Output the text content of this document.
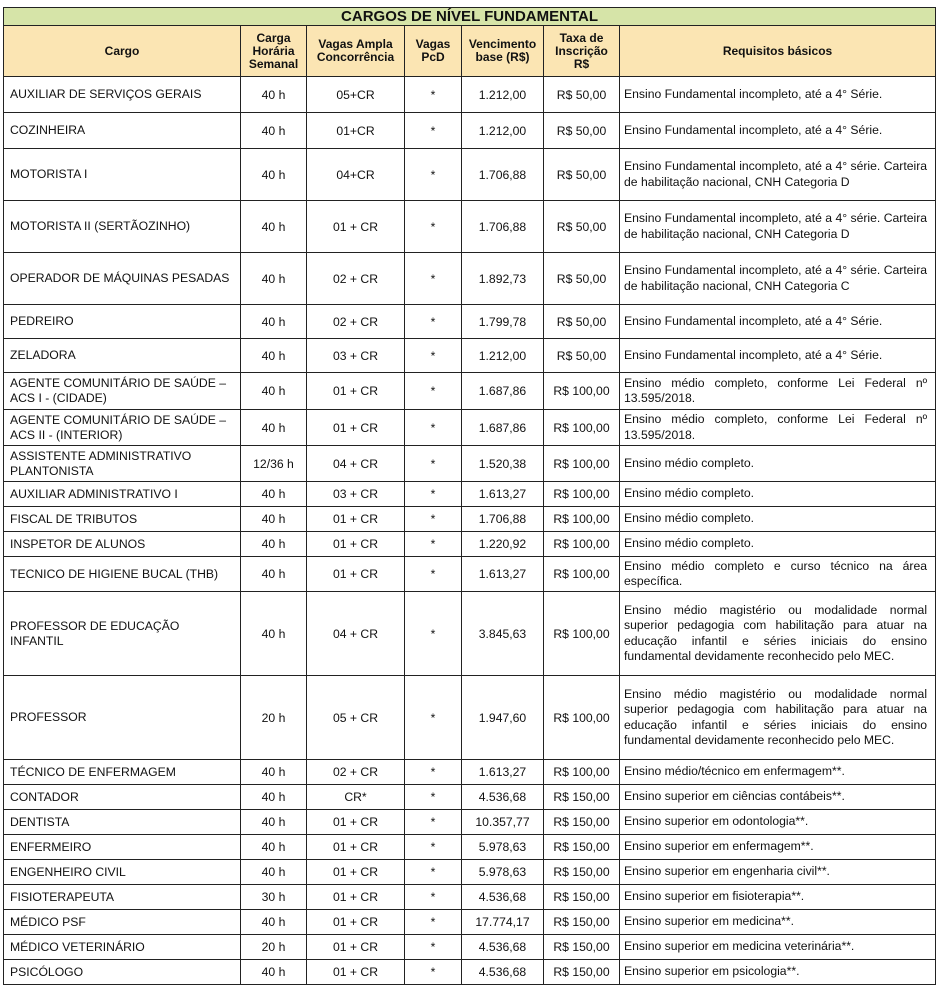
CARGOS DE NÍVEL FUNDAMENTAL						
Cargo	Carga Horária Semanal	Vagas Ampla Concorrência	Vagas PcD	Vencimento base (R$)	Taxa de Inscrição R$	Requisitos básicos
AUXILIAR DE SERVIÇOS GERAIS	40 h	05+CR	*	1.212,00	R$ 50,00	Ensino Fundamental incompleto, até a 4° Série.
COZINHEIRA	40 h	01+CR	*	1.212,00	R$ 50,00	Ensino Fundamental incompleto, até a 4° Série.
MOTORISTA I	40 h	04+CR	*	1.706,88	R$ 50,00	Ensino Fundamental incompleto, até a 4° série. Carteira de habilitação nacional, CNH Categoria D
MOTORISTA II (SERTÃOZINHO)	40 h	01 + CR	*	1.706,88	R$ 50,00	Ensino Fundamental incompleto, até a 4° série. Carteira de habilitação nacional, CNH Categoria D
OPERADOR DE MÁQUINAS PESADAS	40 h	02 + CR	*	1.892,73	R$ 50,00	Ensino Fundamental incompleto, até a 4° série. Carteira de habilitação nacional, CNH Categoria C
PEDREIRO	40 h	02 + CR	*	1.799,78	R$ 50,00	Ensino Fundamental incompleto, até a 4° Série.
ZELADORA	40 h	03 + CR	*	1.212,00	R$ 50,00	Ensino Fundamental incompleto, até a 4° Série.
AGENTE COMUNITÁRIO DE SAÚDE – ACS I - (CIDADE)	40 h	01 + CR	*	1.687,86	R$ 100,00	Ensino médio completo, conforme Lei Federal nº 13.595/2018.
AGENTE COMUNITÁRIO DE SAÚDE – ACS II - (INTERIOR)	40 h	01 + CR	*	1.687,86	R$ 100,00	Ensino médio completo, conforme Lei Federal nº 13.595/2018.
ASSISTENTE ADMINISTRATIVO PLANTONISTA	12/36 h	04 + CR	*	1.520,38	R$ 100,00	Ensino médio completo.
AUXILIAR ADMINISTRATIVO I	40 h	03 + CR	*	1.613,27	R$ 100,00	Ensino médio completo.
FISCAL DE TRIBUTOS	40 h	01 + CR	*	1.706,88	R$ 100,00	Ensino médio completo.
INSPETOR DE ALUNOS	40 h	01 + CR	*	1.220,92	R$ 100,00	Ensino médio completo.
TECNICO DE HIGIENE BUCAL (THB)	40 h	01 + CR	*	1.613,27	R$ 100,00	Ensino médio completo e curso técnico na área específica.
PROFESSOR DE EDUCAÇÃO INFANTIL	40 h	04 + CR	*	3.845,63	R$ 100,00	Ensino médio magistério ou modalidade normal superior pedagogia com habilitação para atuar na educação infantil e séries iniciais do ensino fundamental devidamente reconhecido pelo MEC.
PROFESSOR	20 h	05 + CR	*	1.947,60	R$ 100,00	Ensino médio magistério ou modalidade normal superior pedagogia com habilitação para atuar na educação infantil e séries iniciais do ensino fundamental devidamente reconhecido pelo MEC.
TÉCNICO DE ENFERMAGEM	40 h	02 + CR	*	1.613,27	R$ 100,00	Ensino médio/técnico em enfermagem**.
CONTADOR	40 h	CR*	*	4.536,68	R$ 150,00	Ensino superior em ciências contábeis**.
DENTISTA	40 h	01 + CR	*	10.357,77	R$ 150,00	Ensino superior em odontologia**.
ENFERMEIRO	40 h	01 + CR	*	5.978,63	R$ 150,00	Ensino superior em enfermagem**.
ENGENHEIRO CIVIL	40 h	01 + CR	*	5.978,63	R$ 150,00	Ensino superior em engenharia civil**.
FISIOTERAPEUTA	30 h	01 + CR	*	4.536,68	R$ 150,00	Ensino superior em fisioterapia**.
MÉDICO PSF	40 h	01 + CR	*	17.774,17	R$ 150,00	Ensino superior em medicina**.
MÉDICO VETERINÁRIO	20 h	01 + CR	*	4.536,68	R$ 150,00	Ensino superior em medicina veterinária**.
PSICÓLOGO	40 h	01 + CR	*	4.536,68	R$ 150,00	Ensino superior em psicologia**.
